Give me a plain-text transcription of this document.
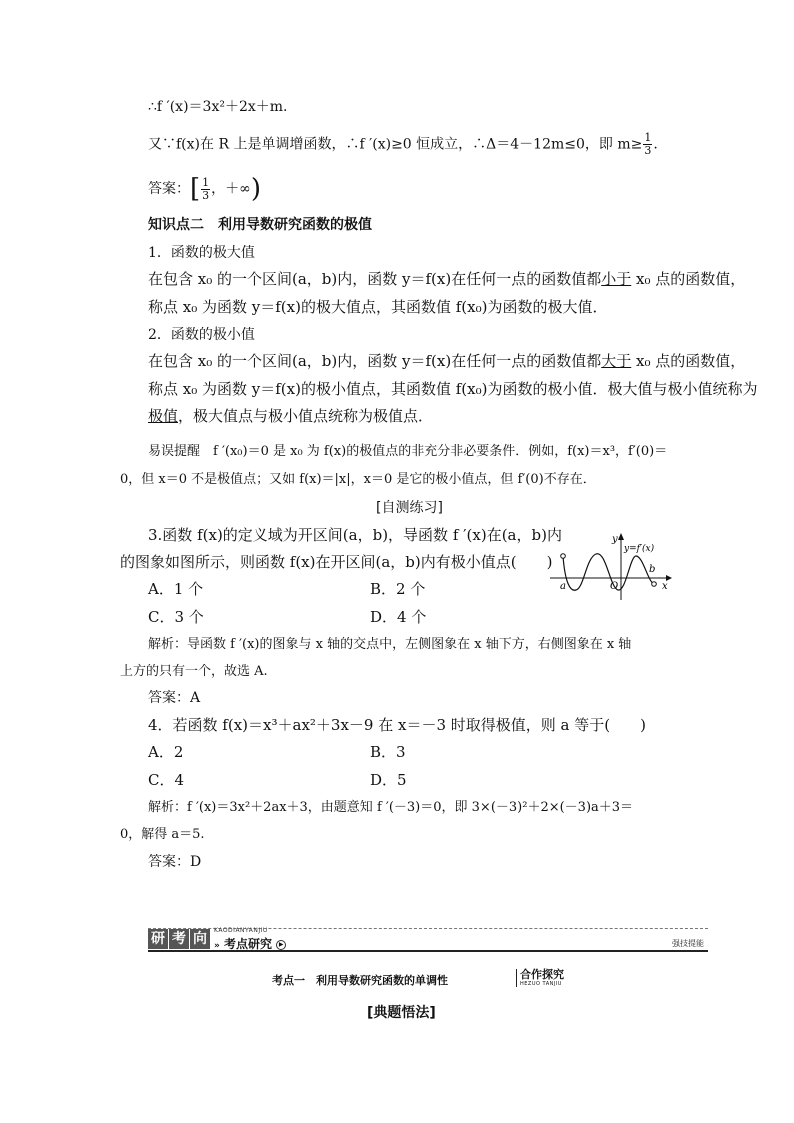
∴f ′(x)＝3x²＋2x＋m.
又∵f(x)在 R 上是单调增函数，∴f ′(x)≥0 恒成立，∴Δ＝4－12m≤0，即 $m\ge \frac{1}{3}$ .
答案：[ $\frac{1}{3}$ ，＋∞)
知识点二　利用导数研究函数的极值
1．函数的极大值
在包含 x₀ 的一个区间(a，b)内，函数 y＝f(x)在任何一点的函数值都小于 x₀ 点的函数值，
称点 x₀ 为函数 y＝f(x)的极大值点，其函数值 f(x₀)为函数的极大值．
2．函数的极小值
在包含 x₀ 的一个区间(a，b)内，函数 y＝f(x)在任何一点的函数值都大于 x₀ 点的函数值，
称点 x₀ 为函数 y＝f(x)的极小值点，其函数值 f(x₀)为函数的极小值．极大值与极小值统称为
极值，极大值点与极小值点统称为极值点．
易误提醒　f ′(x₀)＝0 是 x₀ 为 f(x)的极值点的非充分非必要条件．例如，f(x)＝x³，f′(0)＝
0，但 x＝0 不是极值点；又如 f(x)＝|x|，x＝0 是它的极小值点，但 f′(0)不存在．
[自测练习]
3.函数 f(x)的定义域为开区间(a，b)，导函数 f ′(x)在(a，b)内
的图象如图所示，则函数 f(x)在开区间(a，b)内有极小值点(　　)
A．1 个	B．2 个
C．3 个	D．4 个
a
b
O	x
y
y=f′(x)
解析：导函数 f ′(x)的图象与 x 轴的交点中，左侧图象在 x 轴下方，右侧图象在 x 轴
上方的只有一个，故选 A.
答案：A
4．若函数 f(x)＝x³＋ax²＋3x－9 在 x＝－3 时取得极值，则 a 等于(　　)
A．2	B．3
C．4	D．5
解析：f ′(x)＝3x²＋2ax＋3，由题意知 f ′(－3)＝0，即 3×(－3)²＋2×(－3)a＋3＝
0，解得 a＝5.
答案：D
研 考 向
KAODIANYANJIU
» 考点研究 ▶	强技提能
考点一　利用导数研究函数的单调性	合作探究
HEZUO TANJIU
[典题悟法]
